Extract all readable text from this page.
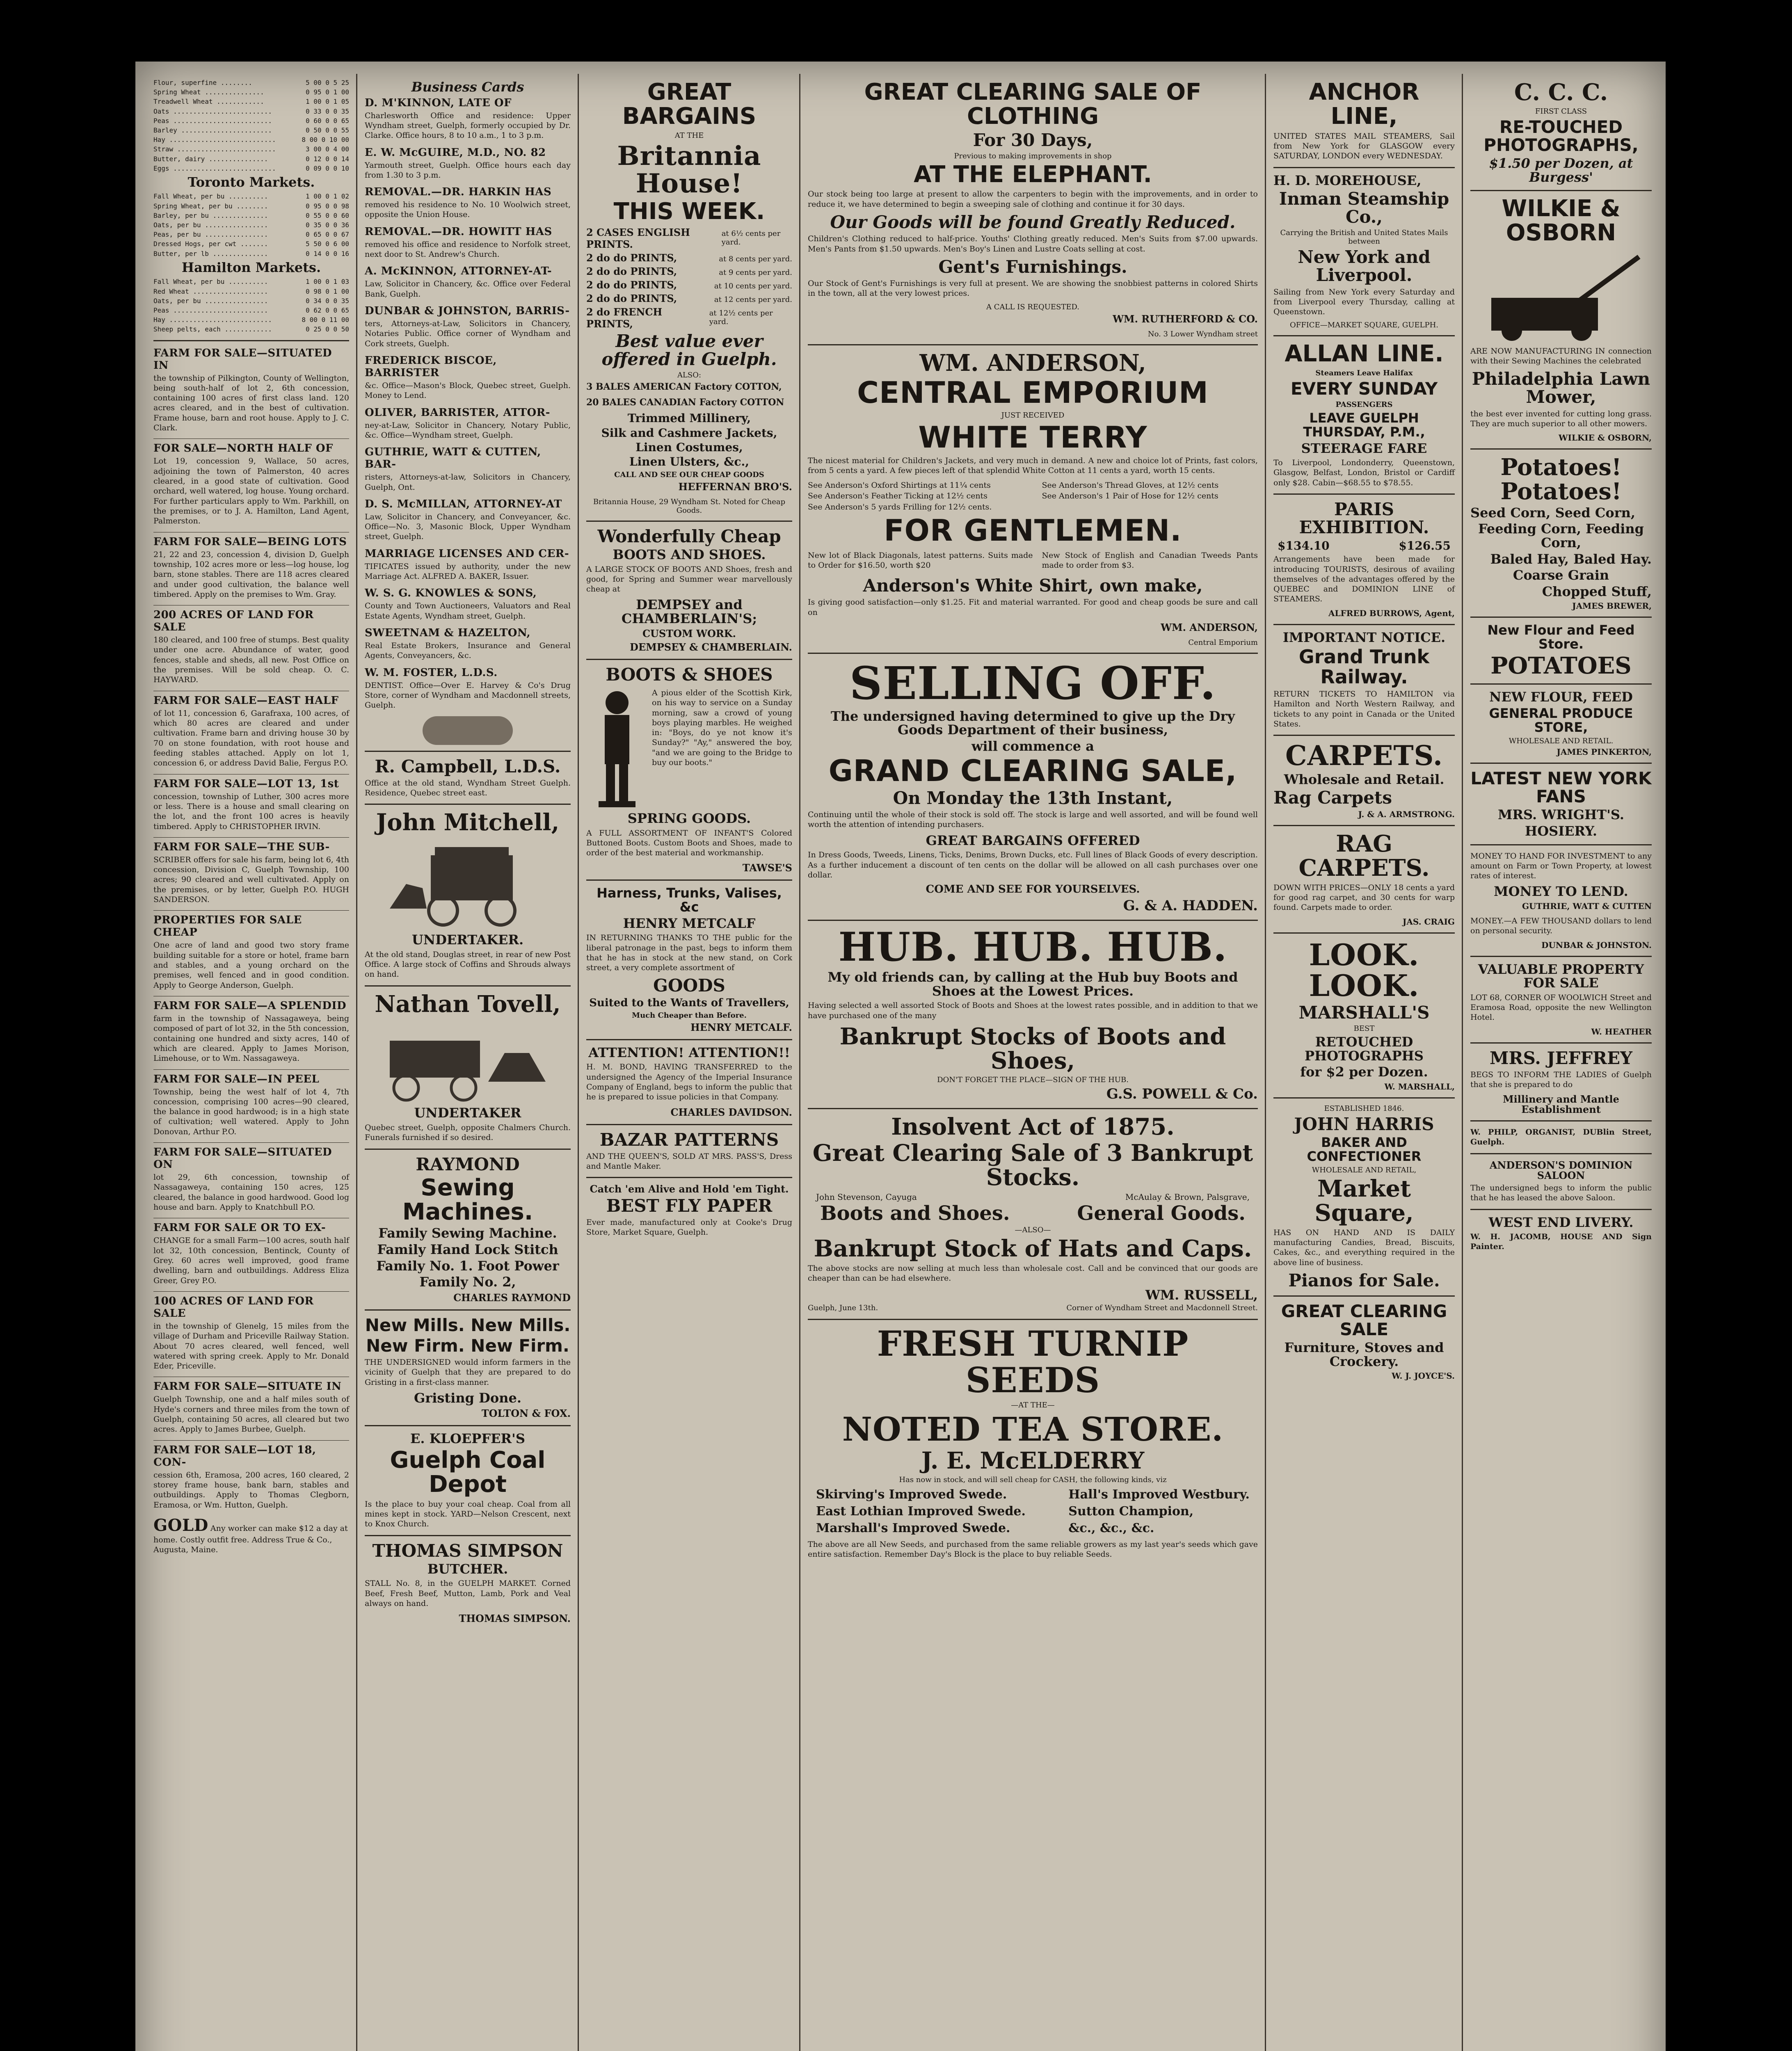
Flour, superfine ........	5 00 0 5 25
Spring Wheat ...............	0 95 0 1 00
Treadwell Wheat ............	1 00 0 1 05
Oats .........................	0 33 0 0 35
Peas .........................	0 60 0 0 65
Barley .......................	0 50 0 0 55
Hay ...........................	8 00 0 10 00
Straw .........................	3 00 0 4 00
Butter, dairy ...............	0 12 0 0 14
Eggs ..........................	0 09 0 0 10
Toronto Markets.
Fall Wheat, per bu ..........	1 00 0 1 02
Spring Wheat, per bu ........	0 95 0 0 98
Barley, per bu ..............	0 55 0 0 60
Oats, per bu ................	0 35 0 0 36
Peas, per bu ................	0 65 0 0 67
Dressed Hogs, per cwt .......	5 50 0 6 00
Butter, per lb ..............	0 14 0 0 16
Hamilton Markets.
Fall Wheat, per bu ..........	1 00 0 1 03
Red Wheat ...................	0 98 0 1 00
Oats, per bu ................	0 34 0 0 35
Peas ........................	0 62 0 0 65
Hay ..........................	8 00 0 11 00
Sheep pelts, each ............	0 25 0 0 50
FARM FOR SALE—SITUATED IN
the township of Pilkington, County of Wellington, being south-half of lot 2, 6th concession, containing 100 acres of first class land. 120 acres cleared, and in the best of cultivation. Frame house, barn and root house. Apply to J. C. Clark.
FOR SALE—NORTH HALF OF
Lot 19, concession 9, Wallace, 50 acres, adjoining the town of Palmerston, 40 acres cleared, in a good state of cultivation. Good orchard, well watered, log house. Young orchard. For further particulars apply to Wm. Parkhill, on the premises, or to J. A. Hamilton, Land Agent, Palmerston.
FARM FOR SALE—BEING LOTS
21, 22 and 23, concession 4, division D, Guelph township, 102 acres more or less—log house, log barn, stone stables. There are 118 acres cleared and under good cultivation, the balance well timbered. Apply on the premises to Wm. Gray.
200 ACRES OF LAND FOR SALE
180 cleared, and 100 free of stumps. Best quality under one acre. Abundance of water, good fences, stable and sheds, all new. Post Office on the premises. Will be sold cheap. O. C. HAYWARD.
FARM FOR SALE—EAST HALF
of lot 11, concession 6, Garafraxa, 100 acres, of which 80 acres are cleared and under cultivation. Frame barn and driving house 30 by 70 on stone foundation, with root house and feeding stables attached. Apply on lot 1, concession 6, or address David Balie, Fergus P.O.
FARM FOR SALE—LOT 13, 1st
concession, township of Luther, 300 acres more or less. There is a house and small clearing on the lot, and the front 100 acres is heavily timbered. Apply to CHRISTOPHER IRVIN.
FARM FOR SALE—THE SUB-
SCRIBER offers for sale his farm, being lot 6, 4th concession, Division C, Guelph Township, 100 acres; 90 cleared and well cultivated. Apply on the premises, or by letter, Guelph P.O. HUGH SANDERSON.
PROPERTIES FOR SALE CHEAP
One acre of land and good two story frame building suitable for a store or hotel, frame barn and stables, and a young orchard on the premises, well fenced and in good condition. Apply to George Anderson, Guelph.
FARM FOR SALE—A SPLENDID
farm in the township of Nassagaweya, being composed of part of lot 32, in the 5th concession, containing one hundred and sixty acres, 140 of which are cleared. Apply to James Morison, Limehouse, or to Wm. Nassagaweya.
FARM FOR SALE—IN PEEL
Township, being the west half of lot 4, 7th concession, comprising 100 acres—90 cleared, the balance in good hardwood; is in a high state of cultivation; well watered. Apply to John Donovan, Arthur P.O.
FARM FOR SALE—SITUATED ON
lot 29, 6th concession, township of Nassagaweya, containing 150 acres, 125 cleared, the balance in good hardwood. Good log house and barn. Apply to Knatchbull P.O.
FARM FOR SALE OR TO EX-
CHANGE for a small Farm—100 acres, south half lot 32, 10th concession, Bentinck, County of Grey. 60 acres well improved, good frame dwelling, barn and outbuildings. Address Eliza Greer, Grey P.O.
100 ACRES OF LAND FOR SALE
in the township of Glenelg, 15 miles from the village of Durham and Priceville Railway Station. About 70 acres cleared, well fenced, well watered with spring creek. Apply to Mr. Donald Eder, Priceville.
FARM FOR SALE—SITUATE IN
Guelph Township, one and a half miles south of Hyde's corners and three miles from the town of Guelph, containing 50 acres, all cleared but two acres. Apply to James Burbee, Guelph.
FARM FOR SALE—LOT 18, CON-
cession 6th, Eramosa, 200 acres, 160 cleared, 2 storey frame house, bank barn, stables and outbuildings. Apply to Thomas Clegborn, Eramosa, or Wm. Hutton, Guelph.
GOLD Any worker can make $12 a day at home. Costly outfit free. Address True & Co., Augusta, Maine.
Business Cards
D. M'KINNON, LATE OF
Charlesworth Office and residence: Upper Wyndham street, Guelph, formerly occupied by Dr. Clarke. Office hours, 8 to 10 a.m., 1 to 3 p.m.
E. W. McGUIRE, M.D., NO. 82
Yarmouth street, Guelph. Office hours each day from 1.30 to 3 p.m.
REMOVAL.—DR. HARKIN HAS
removed his residence to No. 10 Woolwich street, opposite the Union House.
REMOVAL.—DR. HOWITT HAS
removed his office and residence to Norfolk street, next door to St. Andrew's Church.
A. McKINNON, ATTORNEY-AT-
Law, Solicitor in Chancery, &c. Office over Federal Bank, Guelph.
DUNBAR & JOHNSTON, BARRIS-
ters, Attorneys-at-Law, Solicitors in Chancery, Notaries Public. Office corner of Wyndham and Cork streets, Guelph.
FREDERICK BISCOE, BARRISTER
&c. Office—Mason's Block, Quebec street, Guelph. Money to Lend.
OLIVER, BARRISTER, ATTOR-
ney-at-Law, Solicitor in Chancery, Notary Public, &c. Office—Wyndham street, Guelph.
GUTHRIE, WATT & CUTTEN, BAR-
risters, Attorneys-at-law, Solicitors in Chancery, Guelph, Ont.
D. S. McMILLAN, ATTORNEY-AT
Law, Solicitor in Chancery, and Conveyancer, &c. Office—No. 3, Masonic Block, Upper Wyndham street, Guelph.
MARRIAGE LICENSES AND CER-
TIFICATES issued by authority, under the new Marriage Act. ALFRED A. BAKER, Issuer.
W. S. G. KNOWLES & SONS,
County and Town Auctioneers, Valuators and Real Estate Agents, Wyndham street, Guelph.
SWEETNAM & HAZELTON,
Real Estate Brokers, Insurance and General Agents, Conveyancers, &c.
W. M. FOSTER, L.D.S.
DENTIST. Office—Over E. Harvey & Co's Drug Store, corner of Wyndham and Macdonnell streets, Guelph.
R. Campbell, L.D.S.
Office at the old stand, Wyndham Street Guelph. Residence, Quebec street east.
John Mitchell,
UNDERTAKER.
At the old stand, Douglas street, in rear of new Post Office. A large stock of Coffins and Shrouds always on hand.
Nathan Tovell,
UNDERTAKER
Quebec street, Guelph, opposite Chalmers Church. Funerals furnished if so desired.
RAYMOND
Sewing Machines.
Family Sewing Machine.
Family Hand Lock Stitch
Family No. 1. Foot Power
Family No. 2,
CHARLES RAYMOND
New Mills. New Mills.
New Firm. New Firm.
THE UNDERSIGNED would inform farmers in the vicinity of Guelph that they are prepared to do Gristing in a first-class manner.
Gristing Done.
TOLTON & FOX.
E. KLOEPFER'S
Guelph Coal Depot
Is the place to buy your coal cheap. Coal from all mines kept in stock. YARD—Nelson Crescent, next to Knox Church.
THOMAS SIMPSON
BUTCHER.
STALL No. 8, in the GUELPH MARKET. Corned Beef, Fresh Beef, Mutton, Lamb, Pork and Veal always on hand.
THOMAS SIMPSON.
GREAT BARGAINS
AT THE
Britannia House!
THIS WEEK.
2 CASES ENGLISH PRINTS.
at 6½ cents per yard.
2 do do PRINTS,	at 8 cents per yard.
2 do do PRINTS,	at 9 cents per yard.
2 do do PRINTS,	at 10 cents per yard.
2 do do PRINTS,	at 12 cents per yard.
2 do FRENCH PRINTS,
at 12½ cents per yard.
Best value ever offered in Guelph.
ALSO:
3 BALES AMERICAN Factory COTTON,
20 BALES CANADIAN Factory COTTON
Trimmed Millinery,
Silk and Cashmere Jackets,
Linen Costumes,
Linen Ulsters, &c.,
CALL AND SEE OUR CHEAP GOODS
HEFFERNAN BRO'S.
Britannia House, 29 Wyndham St. Noted for Cheap Goods.
Wonderfully Cheap
BOOTS AND SHOES.
A LARGE STOCK OF BOOTS AND Shoes, fresh and good, for Spring and Summer wear marvellously cheap at
DEMPSEY and CHAMBERLAIN'S;
CUSTOM WORK.
DEMPSEY & CHAMBERLAIN.
BOOTS & SHOES
A pious elder of the Scottish Kirk, on his way to service on a Sunday morning, saw a crowd of young boys playing marbles. He weighed in: "Boys, do ye not know it's Sunday?" "Ay," answered the boy, "and we are going to the Bridge to buy our boots."
SPRING GOODS.
A FULL ASSORTMENT OF INFANT'S Colored Buttoned Boots. Custom Boots and Shoes, made to order of the best material and workmanship.
TAWSE'S
Harness, Trunks, Valises, &c
HENRY METCALF
IN RETURNING THANKS TO THE public for the liberal patronage in the past, begs to inform them that he has in stock at the new stand, on Cork street, a very complete assortment of
GOODS
Suited to the Wants of Travellers,
Much Cheaper than Before.
HENRY METCALF.
ATTENTION! ATTENTION!!
H. M. BOND, HAVING TRANSFERRED to the undersigned the Agency of the Imperial Insurance Company of England, begs to inform the public that he is prepared to issue policies in that Company.
CHARLES DAVIDSON.
BAZAR PATTERNS
AND THE QUEEN'S, SOLD AT MRS. PASS'S, Dress and Mantle Maker.
Catch 'em Alive and Hold 'em Tight.
BEST FLY PAPER
Ever made, manufactured only at Cooke's Drug Store, Market Square, Guelph.
GREAT CLEARING SALE OF CLOTHING
For 30 Days,
Previous to making improvements in shop
AT THE ELEPHANT.
Our stock being too large at present to allow the carpenters to begin with the improvements, and in order to reduce it, we have determined to begin a sweeping sale of clothing and continue it for 30 days.
Our Goods will be found Greatly Reduced.
Children's Clothing reduced to half-price. Youths' Clothing greatly reduced. Men's Suits from $7.00 upwards. Men's Pants from $1.50 upwards. Men's Boy's Linen and Lustre Coats selling at cost.
Gent's Furnishings.
Our Stock of Gent's Furnishings is very full at present. We are showing the snobbiest patterns in colored Shirts in the town, all at the very lowest prices.
A CALL IS REQUESTED.
WM. RUTHERFORD & CO.
No. 3 Lower Wyndham street
WM. ANDERSON,
CENTRAL EMPORIUM
JUST RECEIVED
WHITE TERRY
The nicest material for Children's Jackets, and very much in demand. A new and choice lot of Prints, fast colors, from 5 cents a yard. A few pieces left of that splendid White Cotton at 11 cents a yard, worth 15 cents.
See Anderson's Oxford Shirtings at 11¼ cents
See Anderson's Feather Ticking at 12½ cents
See Anderson's 5 yards Frilling for 12½ cents.
See Anderson's Thread Gloves, at 12½ cents
See Anderson's 1 Pair of Hose for 12½ cents
FOR GENTLEMEN.
New lot of Black Diagonals, latest patterns. Suits made to Order for $16.50, worth $20
New Stock of English and Canadian Tweeds Pants made to order from $3.
Anderson's White Shirt, own make,
Is giving good satisfaction—only $1.25. Fit and material warranted. For good and cheap goods be sure and call on
WM. ANDERSON,
Central Emporium
SELLING OFF.
The undersigned having determined to give up the Dry Goods Department of their business,
will commence a
GRAND CLEARING SALE,
On Monday the 13th Instant,
Continuing until the whole of their stock is sold off. The stock is large and well assorted, and will be found well worth the attention of intending purchasers.
GREAT BARGAINS OFFERED
In Dress Goods, Tweeds, Linens, Ticks, Denims, Brown Ducks, etc. Full lines of Black Goods of every description. As a further inducement a discount of ten cents on the dollar will be allowed on all cash purchases over one dollar.
COME AND SEE FOR YOURSELVES.
G. & A. HADDEN.
HUB. HUB. HUB.
My old friends can, by calling at the Hub buy Boots and Shoes at the Lowest Prices.
Having selected a well assorted Stock of Boots and Shoes at the lowest rates possible, and in addition to that we have purchased one of the many
Bankrupt Stocks of Boots and Shoes,
DON'T FORGET THE PLACE—SIGN OF THE HUB.
G.S. POWELL & Co.
Insolvent Act of 1875.
Great Clearing Sale of 3 Bankrupt Stocks.
John Stevenson, Cayuga	McAulay & Brown, Palsgrave,
Boots and Shoes.	General Goods.
—ALSO—
Bankrupt Stock of Hats and Caps.
The above stocks are now selling at much less than wholesale cost. Call and be convinced that our goods are cheaper than can be had elsewhere.
Guelph, June 13th.
WM. RUSSELL,
Corner of Wyndham Street and Macdonnell Street.
FRESH TURNIP SEEDS
—AT THE—
NOTED TEA STORE.
J. E. McELDERRY
Has now in stock, and will sell cheap for CASH, the following kinds, viz
Skirving's Improved Swede.
East Lothian Improved Swede.
Marshall's Improved Swede.
Hall's Improved Westbury.
Sutton Champion,
&c., &c., &c.
The above are all New Seeds, and purchased from the same reliable growers as my last year's seeds which gave entire satisfaction. Remember Day's Block is the place to buy reliable Seeds.
ANCHOR LINE,
UNITED STATES MAIL STEAMERS, Sail from New York for GLASGOW every SATURDAY, LONDON every WEDNESDAY.
H. D. MOREHOUSE,
Inman Steamship Co.,
Carrying the British and United States Mails between
New York and Liverpool.
Sailing from New York every Saturday and from Liverpool every Thursday, calling at Queenstown.
OFFICE—MARKET SQUARE, GUELPH.
ALLAN LINE.
Steamers Leave Halifax
EVERY SUNDAY
PASSENGERS
LEAVE GUELPH THURSDAY, P.M.,
STEERAGE FARE
To Liverpool, Londonderry, Queenstown, Glasgow, Belfast, London, Bristol or Cardiff only $28. Cabin—$68.55 to $78.55.
PARIS EXHIBITION.
$134.10	$126.55
Arrangements have been made for introducing TOURISTS, desirous of availing themselves of the advantages offered by the QUEBEC and DOMINION LINE of STEAMERS.
ALFRED BURROWS, Agent,
IMPORTANT NOTICE.
Grand Trunk Railway.
RETURN TICKETS TO HAMILTON via Hamilton and North Western Railway, and tickets to any point in Canada or the United States.
CARPETS.
Wholesale and Retail.
Rag Carpets
J. & A. ARMSTRONG.
RAG CARPETS.
DOWN WITH PRICES—ONLY 18 cents a yard for good rag carpet, and 30 cents for warp found. Carpets made to order.
JAS. CRAIG
LOOK. LOOK.
MARSHALL'S
BEST
RETOUCHED PHOTOGRAPHS
for $2 per Dozen.
W. MARSHALL,
ESTABLISHED 1846.
JOHN HARRIS
BAKER AND CONFECTIONER
WHOLESALE AND RETAIL,
Market Square,
HAS ON HAND AND IS DAILY manufacturing Candies, Bread, Biscuits, Cakes, &c., and everything required in the above line of business.
Pianos for Sale.
GREAT CLEARING SALE
Furniture, Stoves and Crockery.
W. J. JOYCE'S.
C. C. C.
FIRST CLASS
RE-TOUCHED PHOTOGRAPHS,
$1.50 per Dozen, at Burgess'
WILKIE & OSBORN
ARE NOW MANUFACTURING IN connection with their Sewing Machines the celebrated
Philadelphia Lawn Mower,
the best ever invented for cutting long grass. They are much superior to all other mowers.
WILKIE & OSBORN,
Potatoes! Potatoes!
Seed Corn, Seed Corn,
Feeding Corn, Feeding Corn,
Baled Hay, Baled Hay.
Coarse Grain
Chopped Stuff,
JAMES BREWER,
New Flour and Feed Store.
POTATOES
NEW FLOUR, FEED
GENERAL PRODUCE STORE,
WHOLESALE AND RETAIL.
JAMES PINKERTON,
LATEST NEW YORK FANS
MRS. WRIGHT'S.
HOSIERY.
MONEY TO HAND FOR INVESTMENT to any amount on Farm or Town Property, at lowest rates of interest.
MONEY TO LEND.
GUTHRIE, WATT & CUTTEN
MONEY.—A FEW THOUSAND dollars to lend on personal security.
DUNBAR & JOHNSTON.
VALUABLE PROPERTY FOR SALE
LOT 68, CORNER OF WOOLWICH Street and Eramosa Road, opposite the new Wellington Hotel.
W. HEATHER
MRS. JEFFREY
BEGS TO INFORM THE LADIES of Guelph that she is prepared to do
Millinery and Mantle Establishment
W. PHILP, ORGANIST, DUBlin Street, Guelph.
ANDERSON'S DOMINION SALOON
The undersigned begs to inform the public that he has leased the above Saloon.
WEST END LIVERY.
W. H. JACOMB, HOUSE AND Sign Painter.
